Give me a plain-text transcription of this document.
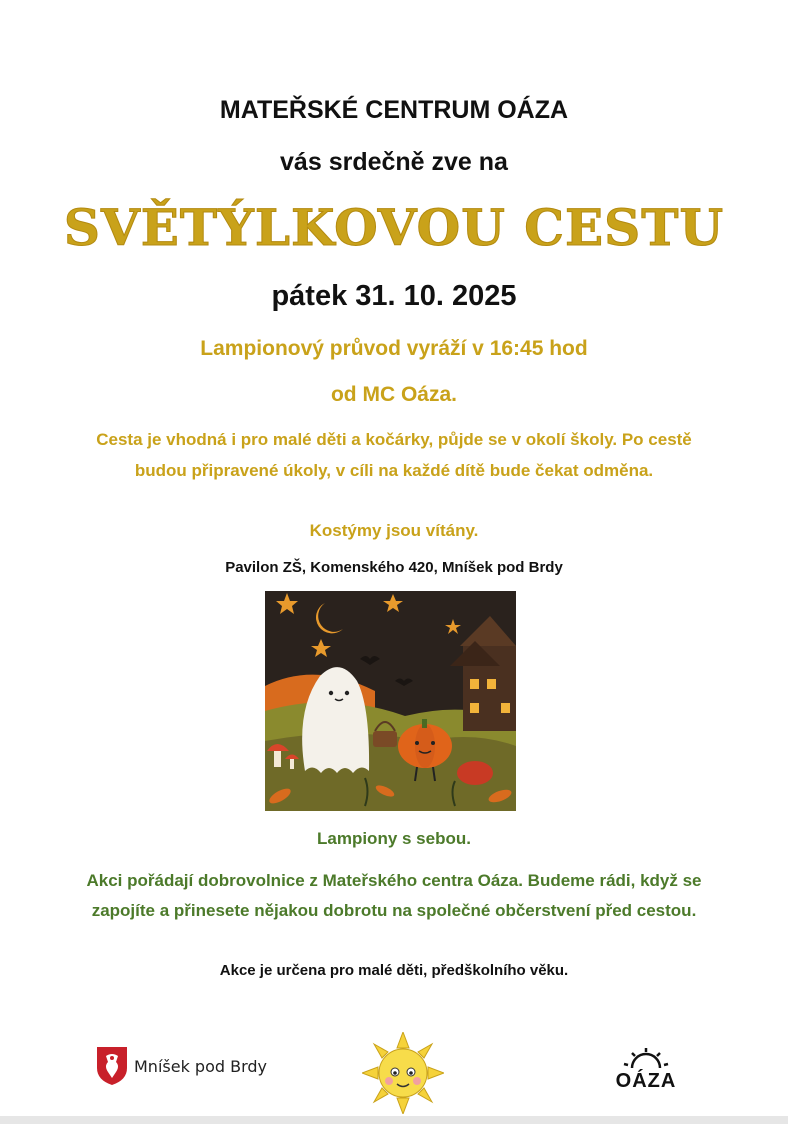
MATEŘSKÉ CENTRUM OÁZA
vás srdečně zve na
SVĚTÝLKOVOU CESTU
pátek 31. 10. 2025
Lampionový průvod vyráží v 16:45 hod
od MC Oáza.
Cesta je vhodná i pro malé děti a kočárky, půjde se v okolí školy. Po cestě budou připravené úkoly, v cíli na každé dítě bude čekat odměna.
Kostýmy jsou vítány.
Pavilon ZŠ, Komenského 420, Mníšek pod Brdy
Lampiony s sebou.
Akci pořádají dobrovolnice z Mateřského centra Oáza. Budeme rádi, když se zapojíte a přinesete nějakou dobrotu na společné občerstvení před cestou.
Akce je určena pro malé děti, předškolního věku.
Mníšek pod Brdy
OÁZA
